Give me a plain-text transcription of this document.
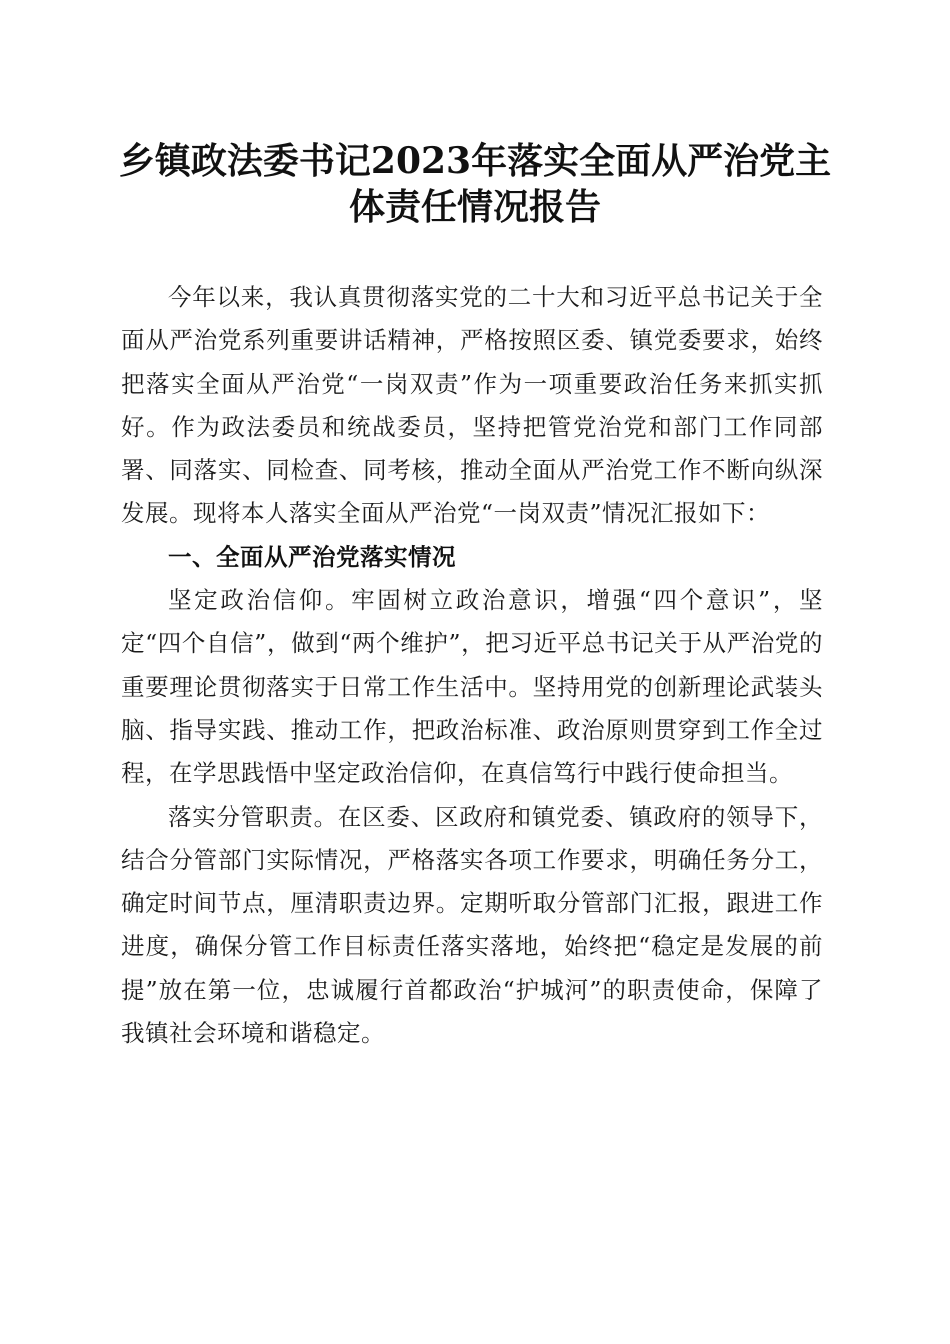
乡镇政法委书记2023年落实全面从严治党主体责任情况报告

今年以来，我认真贯彻落实党的二十大和习近平总书记关于全面从严治党系列重要讲话精神，严格按照区委、镇党委要求，始终把落实全面从严治党“一岗双责”作为一项重要政治任务来抓实抓好。作为政法委员和统战委员，坚持把管党治党和部门工作同部署、同落实、同检查、同考核，推动全面从严治党工作不断向纵深发展。现将本人落实全面从严治党“一岗双责”情况汇报如下：

一、全面从严治党落实情况

坚定政治信仰。牢固树立政治意识，增强“四个意识”，坚定“四个自信”，做到“两个维护”，把习近平总书记关于从严治党的重要理论贯彻落实于日常工作生活中。坚持用党的创新理论武装头脑、指导实践、推动工作，把政治标准、政治原则贯穿到工作全过程，在学思践悟中坚定政治信仰，在真信笃行中践行使命担当。

落实分管职责。在区委、区政府和镇党委、镇政府的领导下，结合分管部门实际情况，严格落实各项工作要求，明确任务分工，确定时间节点，厘清职责边界。定期听取分管部门汇报，跟进工作进度，确保分管工作目标责任落实落地，始终把“稳定是发展的前提”放在第一位，忠诚履行首都政治“护城河”的职责使命，保障了我镇社会环境和谐稳定。
